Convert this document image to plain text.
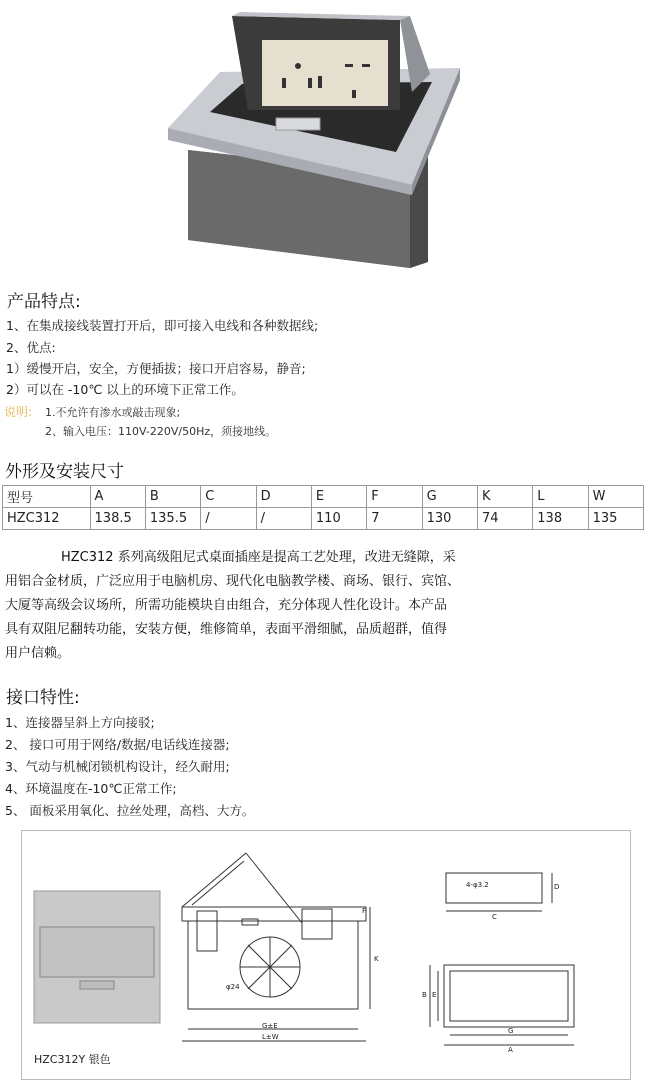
产品特点:
1、在集成接线装置打开后，即可接入电线和各种数据线;
2、优点:
1）缓慢开启，安全，方便插拔；接口开启容易，静音;
2）可以在 -10℃ 以上的环境下正常工作。
说明: 1.不允许有渗水或敲击现象;
2、输入电压：110V-220V/50Hz，须接地线。
外形及安装尺寸
型号	A	B	C	D	E	F	G	K	L	W
HZC312	138.5	135.5	/	/	110	7	130	74	138	135
HZC312 系列高级阻尼式桌面插座是提高工艺处理，改进无缝隙，采
用铝合金材质，广泛应用于电脑机房、现代化电脑教学楼、商场、银行、宾馆、
大厦等高级会议场所，所需功能模块自由组合，充分体现人性化设计。本产品
具有双阻尼翻转功能，安装方便，维修简单，表面平滑细腻，品质超群，值得
用户信赖。
接口特性:
1、连接器呈斜上方向接驳;
2、 接口可用于网络/数据/电话线连接器;
3、气动与机械闭锁机构设计，经久耐用;
4、环境温度在-10℃正常工作;
5、 面板采用氧化、拉丝处理，高档、大方。
F
K
φ24
G±E
L±W
4-φ3.2	D
C
B E
G
A
HZC312Y 银色
